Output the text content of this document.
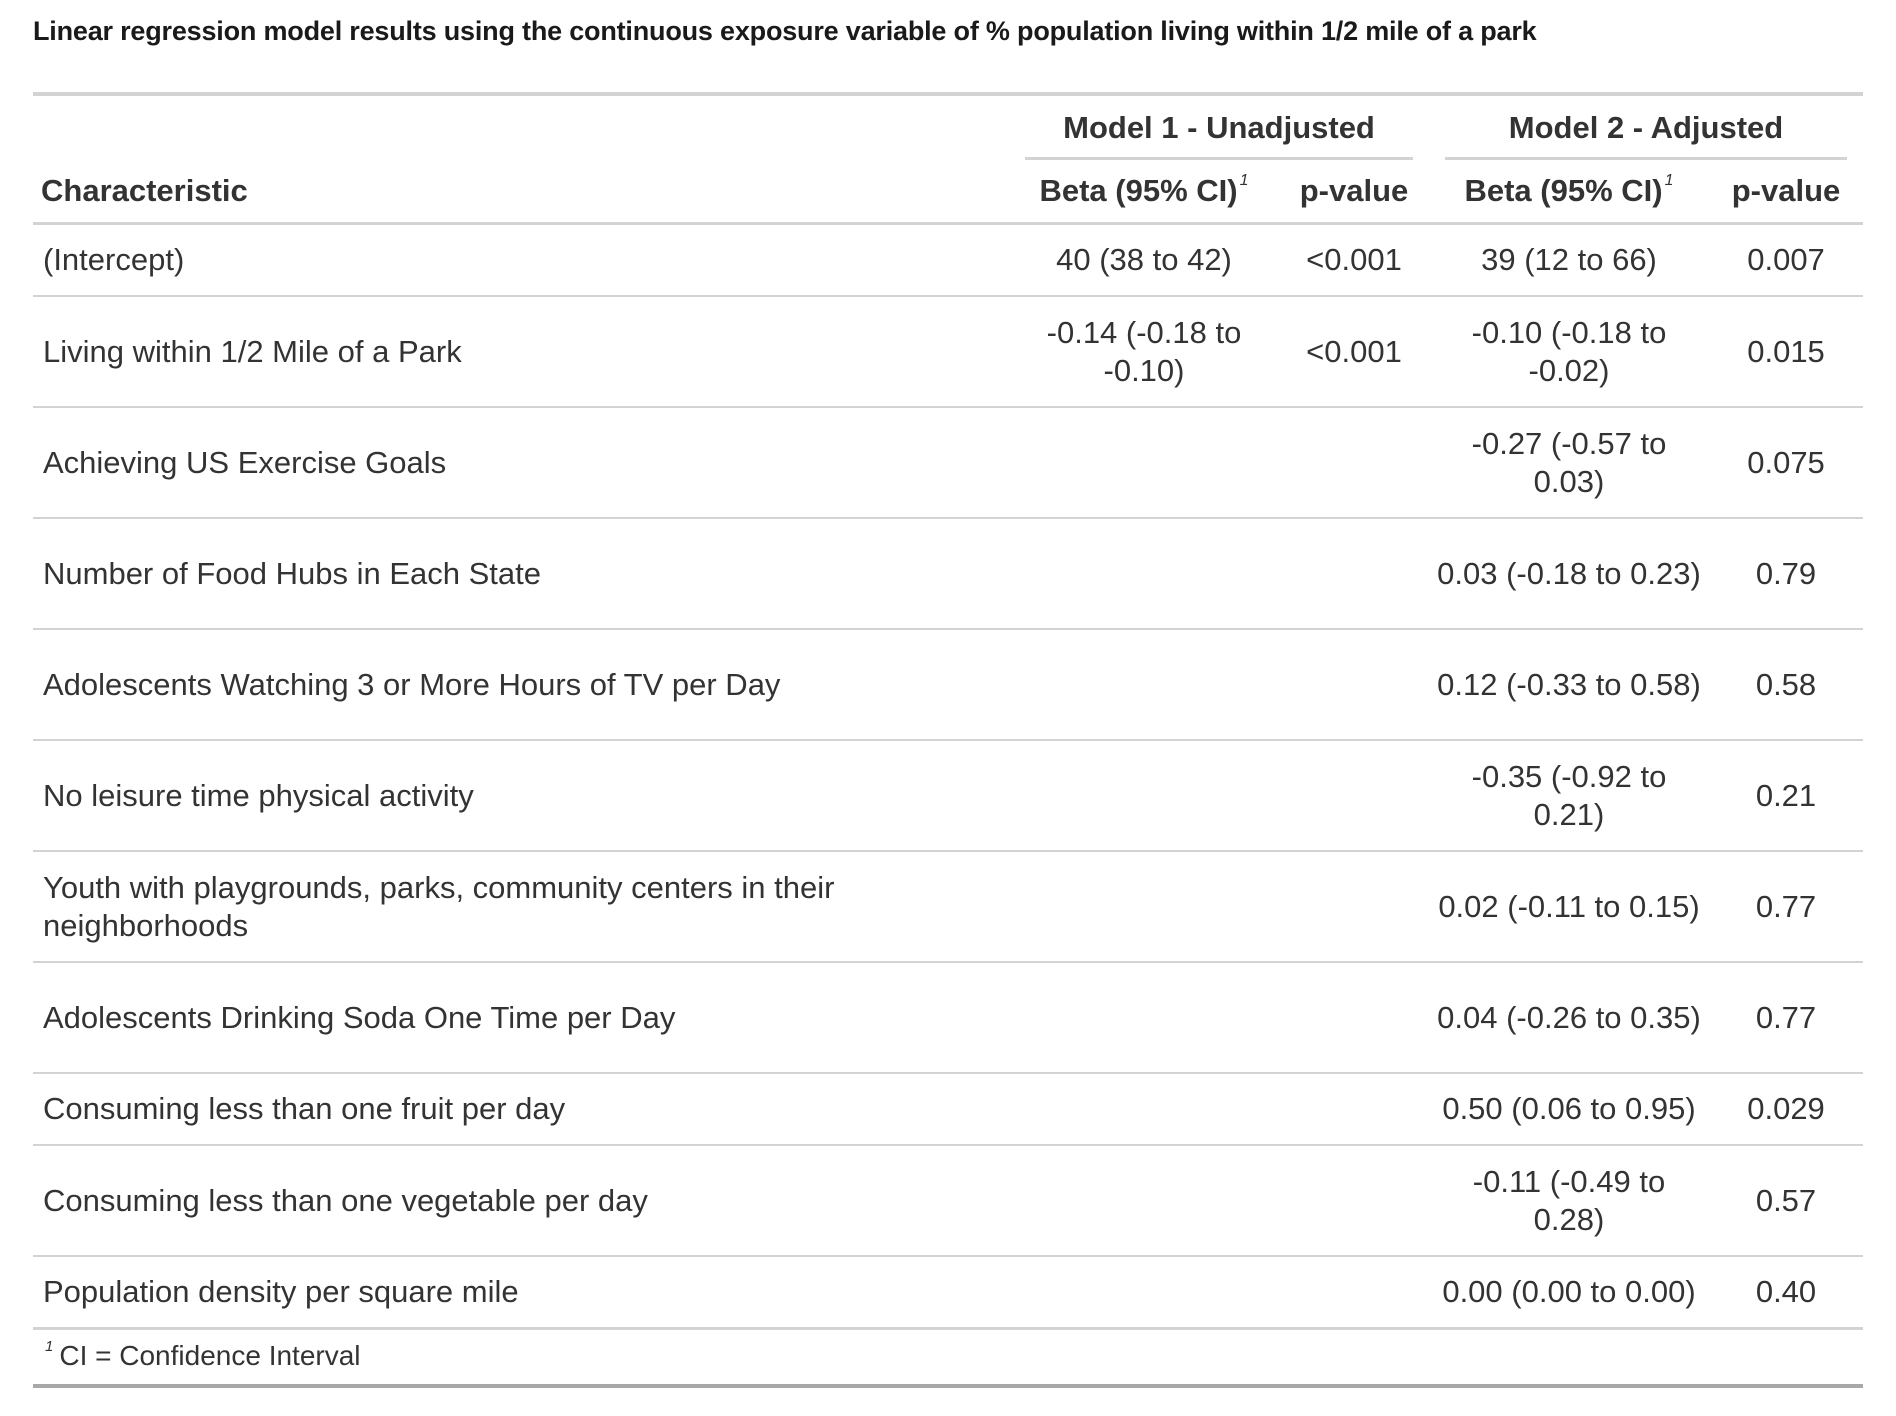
Linear regression model results using the continuous exposure variable of % population living within 1/2 mile of a park

	Model 1 - Unadjusted		Model 2 - Adjusted	

Characteristic	Beta (95% CI) $^1$	p-value	Beta (95% CI) $^1$	p-value
(Intercept)	40 (38 to 42)	<0.001	39 (12 to 66)	0.007
Living within 1/2 Mile of a Park	-0.14 (-0.18 to -0.10)	<0.001	-0.10 (-0.18 to -0.02)	0.015
Achieving US Exercise Goals			-0.27 (-0.57 to 0.03)	0.075
Number of Food Hubs in Each State			0.03 (-0.18 to 0.23)	0.79
Adolescents Watching 3 or More Hours of TV per Day			0.12 (-0.33 to 0.58)	0.58
No leisure time physical activity			-0.35 (-0.92 to 0.21)	0.21
Youth with playgrounds, parks, community centers in their neighborhoods			0.02 (-0.11 to 0.15)	0.77
Adolescents Drinking Soda One Time per Day			0.04 (-0.26 to 0.35)	0.77
Consuming less than one fruit per day			0.50 (0.06 to 0.95)	0.029
Consuming less than one vegetable per day			-0.11 (-0.49 to 0.28)	0.57
Population density per square mile			0.00 (0.00 to 0.00)	0.40
$^1$ CI = Confidence Interval				
